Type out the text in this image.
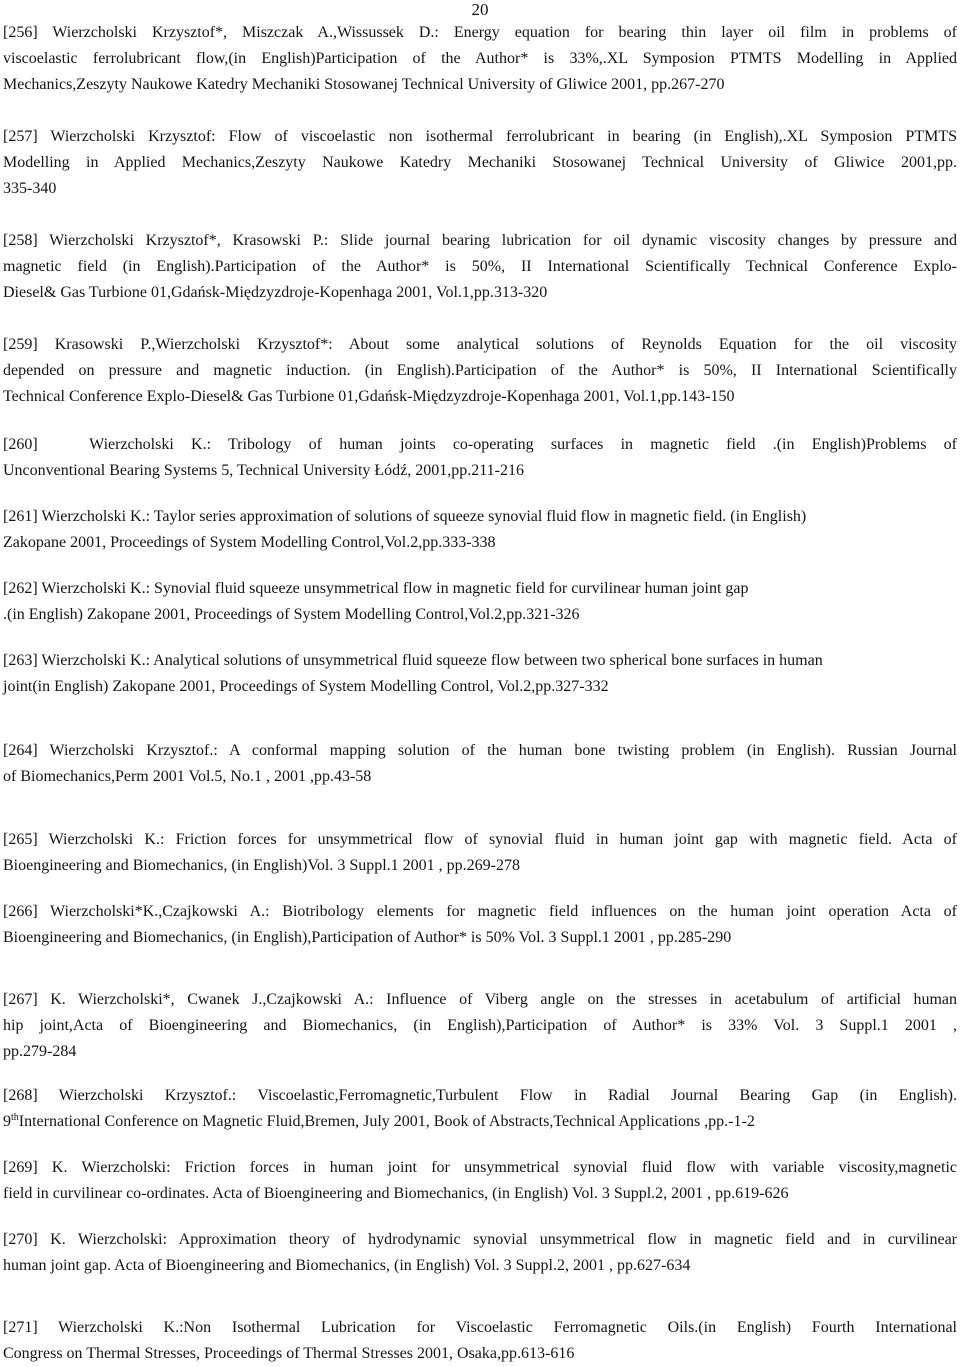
20

[256] Wierzcholski Krzysztof*, Miszczak A.,Wissussek D.: Energy equation for bearing thin layer oil film in problems of
viscoelastic ferrolubricant flow,(in English)Participation of the Author* is 33%,.XL Symposion PTMTS Modelling in Applied
Mechanics,Zeszyty Naukowe Katedry Mechaniki Stosowanej Technical University of Gliwice 2001, pp.267-270

[257] Wierzcholski Krzysztof: Flow of viscoelastic non isothermal ferrolubricant in bearing (in English),.XL Symposion PTMTS
Modelling in Applied Mechanics,Zeszyty Naukowe Katedry Mechaniki Stosowanej Technical University of Gliwice 2001,pp.
335-340

[258] Wierzcholski Krzysztof*, Krasowski P.: Slide journal bearing lubrication for oil dynamic viscosity changes by pressure and
magnetic field (in English).Participation of the Author* is 50%, II International Scientifically Technical Conference Explo-
Diesel& Gas Turbione 01,Gdańsk-Międzyzdroje-Kopenhaga 2001, Vol.1,pp.313-320

[259] Krasowski P.,Wierzcholski Krzysztof*: About some analytical solutions of Reynolds Equation for the oil viscosity
depended on pressure and magnetic induction. (in English).Participation of the Author* is 50%, II International Scientifically
Technical Conference Explo-Diesel& Gas Turbione 01,Gdańsk-Międzyzdroje-Kopenhaga 2001, Vol.1,pp.143-150

[260]   Wierzcholski K.: Tribology of human joints co-operating surfaces in magnetic field .(in English)Problems of
Unconventional Bearing Systems 5, Technical University Łódź, 2001,pp.211-216

[261] Wierzcholski K.: Taylor series approximation of solutions of squeeze synovial fluid flow in magnetic field. (in English)
Zakopane 2001, Proceedings of System Modelling Control,Vol.2,pp.333-338

[262] Wierzcholski K.: Synovial fluid squeeze unsymmetrical flow in magnetic field for curvilinear human joint gap
.(in English) Zakopane 2001, Proceedings of System Modelling Control,Vol.2,pp.321-326

[263] Wierzcholski K.: Analytical solutions of unsymmetrical fluid squeeze flow between two spherical bone surfaces in human
joint(in English) Zakopane 2001, Proceedings of System Modelling Control, Vol.2,pp.327-332

[264] Wierzcholski Krzysztof.: A conformal mapping solution of the human bone twisting problem (in English). Russian Journal
of Biomechanics,Perm 2001 Vol.5, No.1 , 2001 ,pp.43-58

[265] Wierzcholski K.: Friction forces for unsymmetrical flow of synovial fluid in human joint gap with magnetic field. Acta of
Bioengineering and Biomechanics, (in English)Vol. 3 Suppl.1 2001 , pp.269-278

[266] Wierzcholski*K.,Czajkowski A.: Biotribology elements for magnetic field influences on the human joint operation Acta of
Bioengineering and Biomechanics, (in English),Participation of Author* is 50% Vol. 3 Suppl.1 2001 , pp.285-290

[267] K. Wierzcholski*, Cwanek J.,Czajkowski A.: Influence of Viberg angle on the stresses in acetabulum of artificial human
hip joint,Acta of Bioengineering and Biomechanics, (in English),Participation of Author* is 33% Vol. 3 Suppl.1 2001 ,
pp.279-284

[268] Wierzcholski Krzysztof.: Viscoelastic,Ferromagnetic,Turbulent Flow in Radial Journal Bearing Gap (in English).
9thInternational Conference on Magnetic Fluid,Bremen, July 2001, Book of Abstracts,Technical Applications ,pp.-1-2

[269] K. Wierzcholski: Friction forces in human joint for unsymmetrical synovial fluid flow with variable viscosity,magnetic
field in curvilinear co-ordinates. Acta of Bioengineering and Biomechanics, (in English) Vol. 3 Suppl.2, 2001 , pp.619-626

[270] K. Wierzcholski: Approximation theory of hydrodynamic synovial unsymmetrical flow in magnetic field and in curvilinear
human joint gap. Acta of Bioengineering and Biomechanics, (in English) Vol. 3 Suppl.2, 2001 , pp.627-634

[271] Wierzcholski K.:Non Isothermal Lubrication for Viscoelastic Ferromagnetic Oils.(in English) Fourth International
Congress on Thermal Stresses, Proceedings of Thermal Stresses 2001, Osaka,pp.613-616
